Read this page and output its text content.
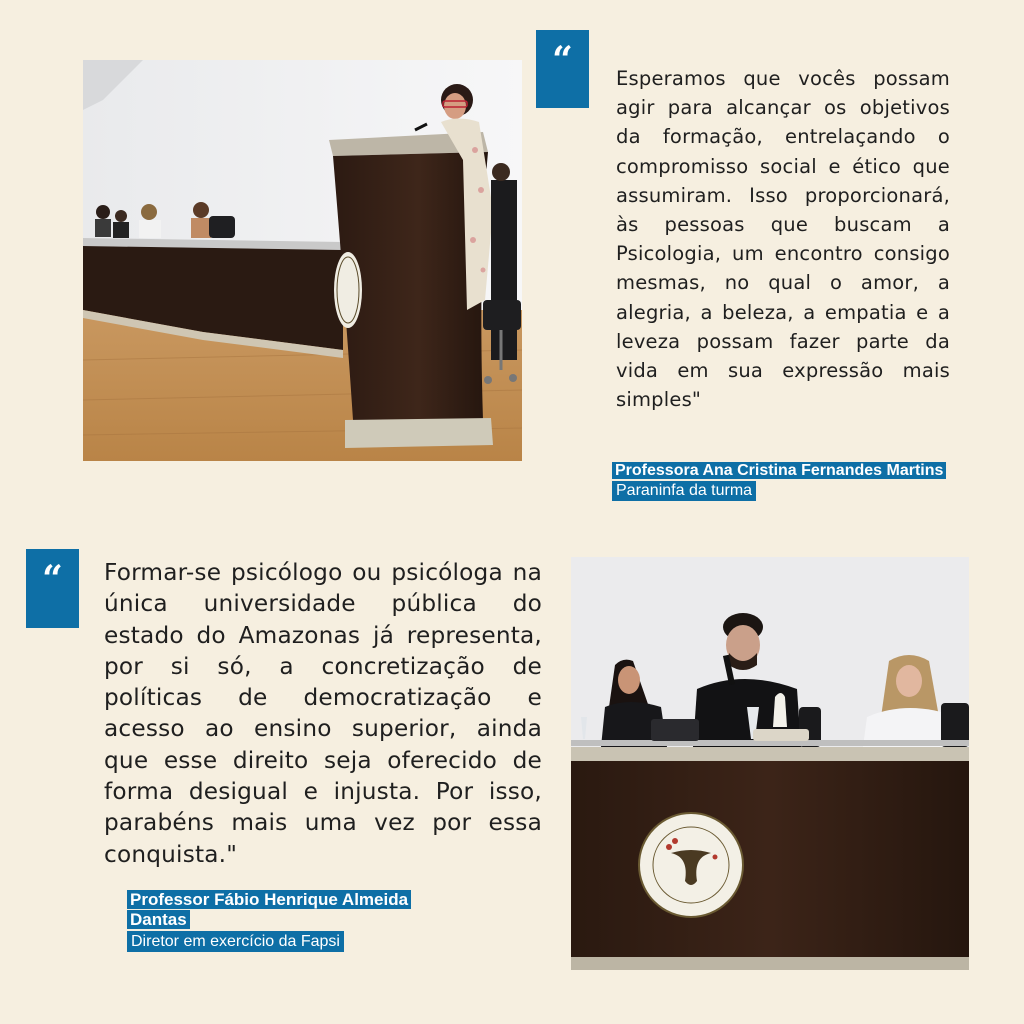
“	Esperamos que vocês possam agir para alcançar os objetivos da formação, entrelaçando o compromisso social e ético que assumiram. Isso proporcionará, às pessoas que buscam a Psicologia, um encontro consigo mesmas, no qual o amor, a alegria, a beleza, a empatia e a leveza possam fazer parte da vida em sua expressão mais simples"
Professora Ana Cristina Fernandes Martins
Paraninfa da turma
“	Formar-se psicólogo ou psicóloga na única universidade pública do estado do Amazonas já representa, por si só, a concretização de políticas de democratização e acesso ao ensino superior, ainda que esse direito seja oferecido de forma desigual e injusta. Por isso, parabéns mais uma vez por essa conquista."
Professor Fábio Henrique Almeida Dantas
Diretor em exercício da Fapsi
